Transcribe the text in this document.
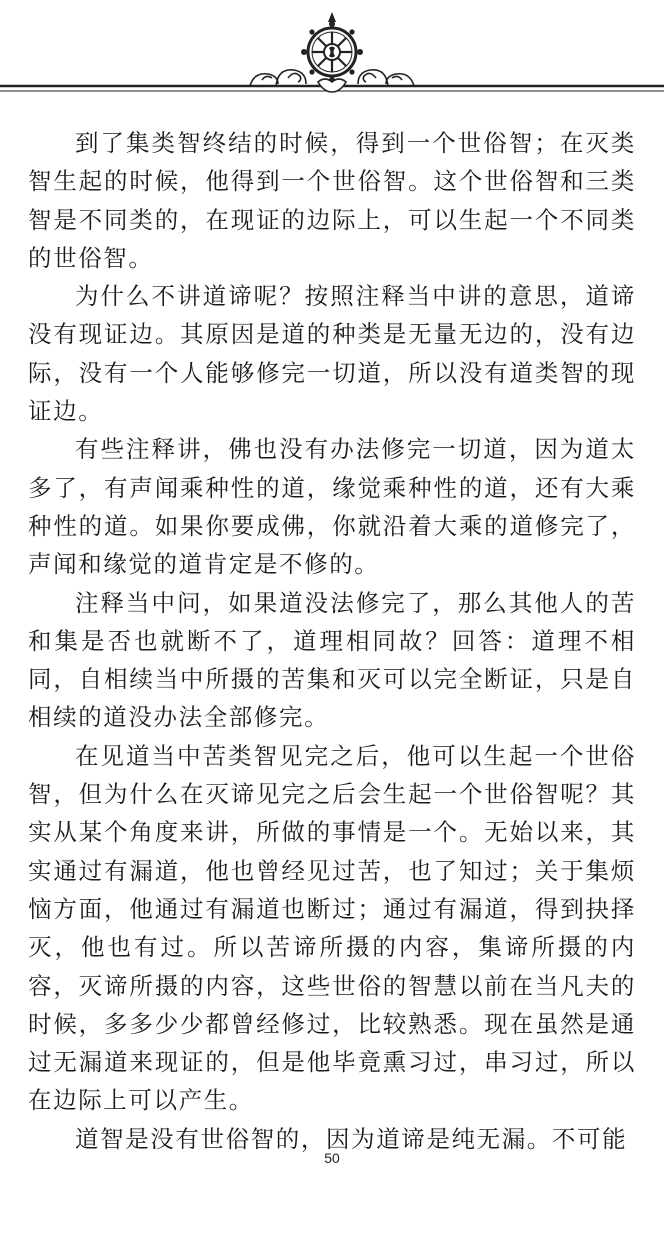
到了集类智终结的时候，得到一个世俗智；在灭类智生起的时候，他得到一个世俗智。这个世俗智和三类智是不同类的，在现证的边际上，可以生起一个不同类的世俗智。

为什么不讲道谛呢？按照注释当中讲的意思，道谛没有现证边。其原因是道的种类是无量无边的，没有边际，没有一个人能够修完一切道，所以没有道类智的现证边。

有些注释讲，佛也没有办法修完一切道，因为道太多了，有声闻乘种性的道，缘觉乘种性的道，还有大乘种性的道。如果你要成佛，你就沿着大乘的道修完了，声闻和缘觉的道肯定是不修的。

注释当中问，如果道没法修完了，那么其他人的苦和集是否也就断不了，道理相同故？回答：道理不相同，自相续当中所摄的苦集和灭可以完全断证，只是自相续的道没办法全部修完。

在见道当中苦类智见完之后，他可以生起一个世俗智，但为什么在灭谛见完之后会生起一个世俗智呢？其实从某个角度来讲，所做的事情是一个。无始以来，其实通过有漏道，他也曾经见过苦，也了知过；关于集烦恼方面，他通过有漏道也断过；通过有漏道，得到抉择灭，他也有过。所以苦谛所摄的内容，集谛所摄的内容，灭谛所摄的内容，这些世俗的智慧以前在当凡夫的时候，多多少少都曾经修过，比较熟悉。现在虽然是通过无漏道来现证的，但是他毕竟熏习过，串习过，所以在边际上可以产生。

道智是没有世俗智的，因为道谛是纯无漏。不可能

50
